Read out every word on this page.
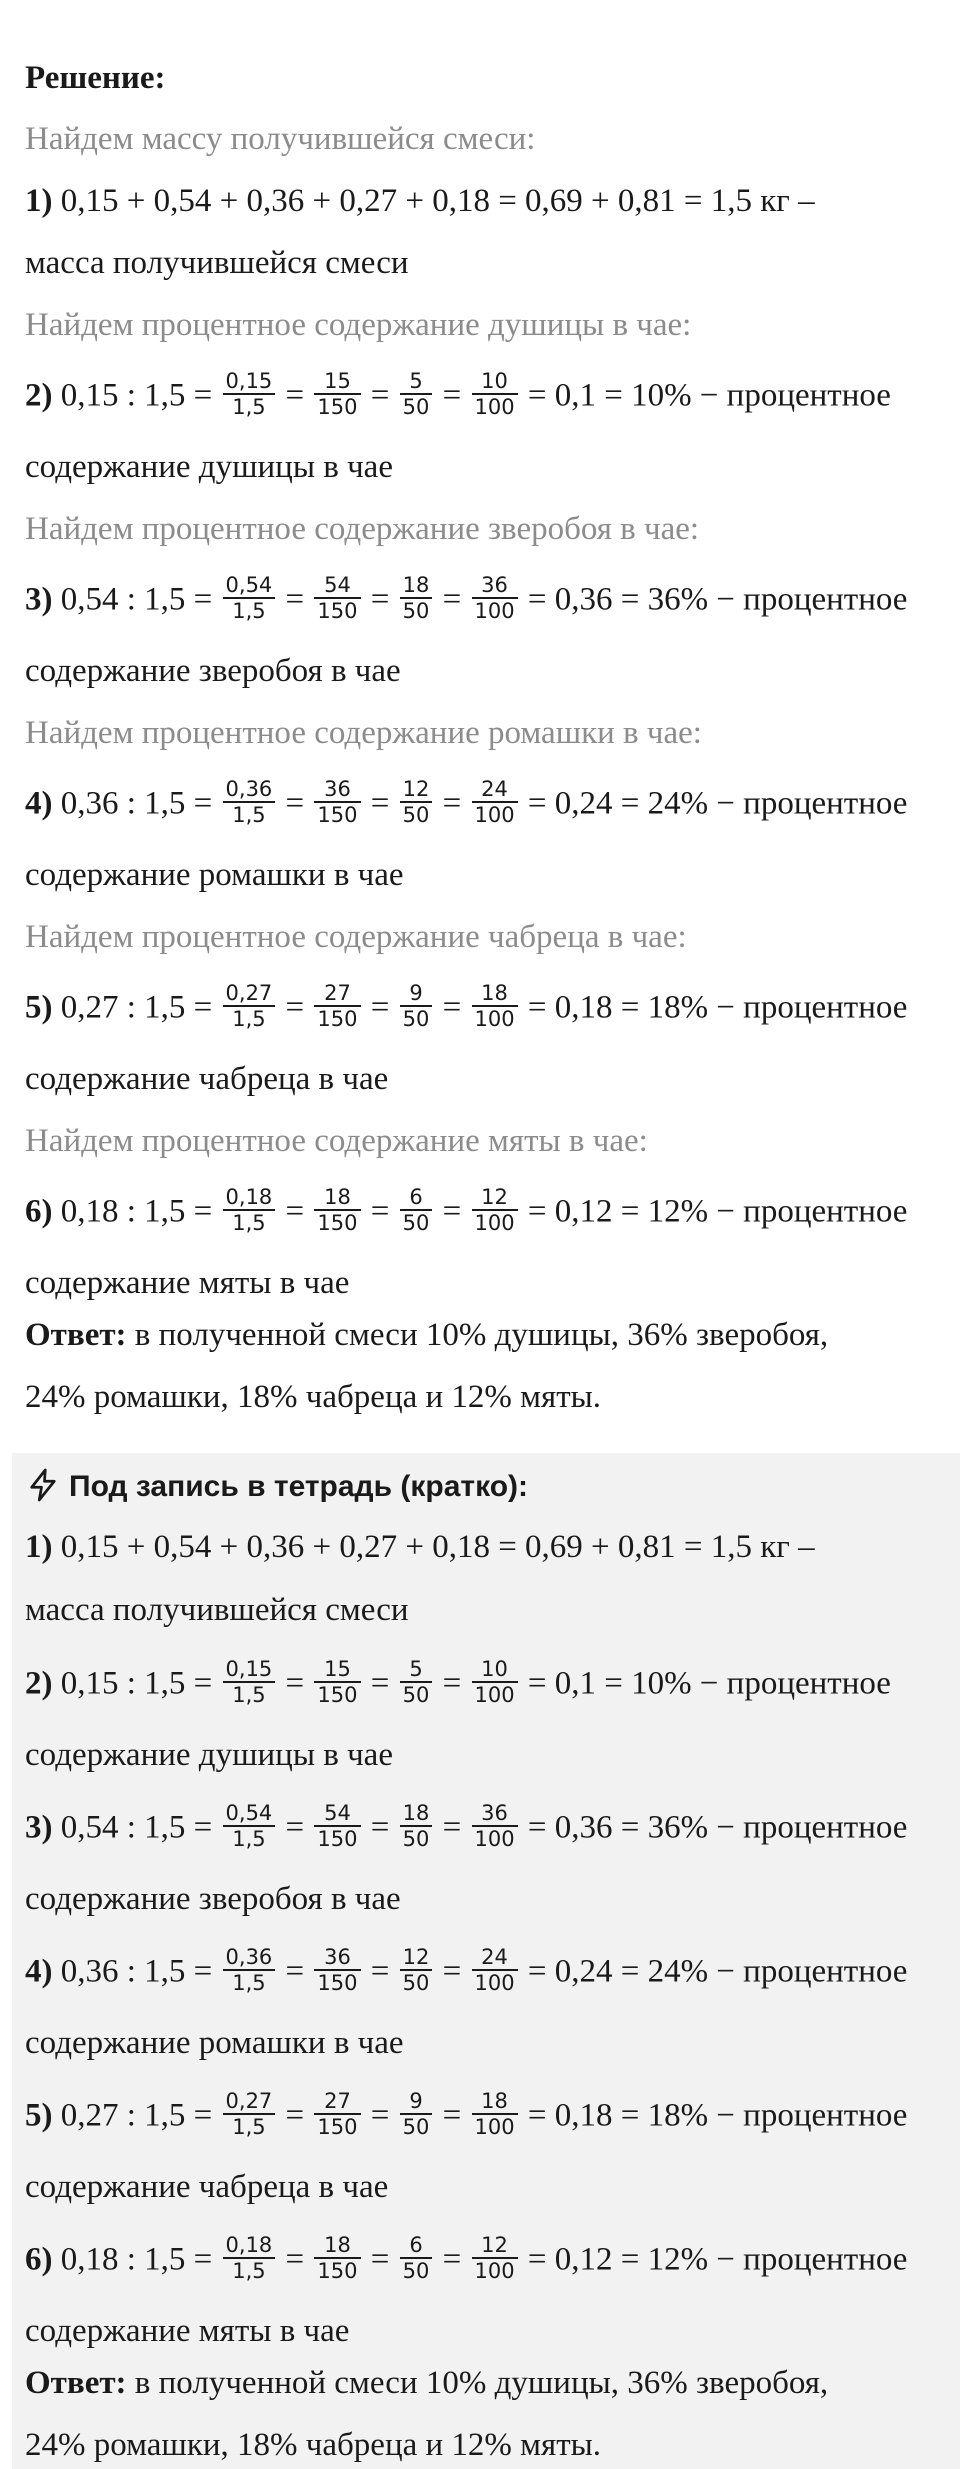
Решение:
Найдем массу получившейся смеси:
1) 0,15 + 0,54 + 0,36 + 0,27 + 0,18 = 0,69 + 0,81 = 1,5 кг –
масса получившейся смеси
Найдем процентное содержание душицы в чае:
2) 0,15 : $1,5 = \frac{0,15}{1,5} = \frac{15}{150} = \frac{5}{50} = \frac{10}{100} = 0,1 = 10\%$ − процентное
содержание душицы в чае
Найдем процентное содержание зверобоя в чае:
3) 0,54 : $1,5 = \frac{0,54}{1,5} = \frac{54}{150} = \frac{18}{50} = \frac{36}{100} = 0,36 = 36\%$ − процентное
содержание зверобоя в чае
Найдем процентное содержание ромашки в чае:
4) 0,36 : $1,5 = \frac{0,36}{1,5} = \frac{36}{150} = \frac{12}{50} = \frac{24}{100} = 0,24 = 24\%$ − процентное
содержание ромашки в чае
Найдем процентное содержание чабреца в чае:
5) 0,27 : $1,5 = \frac{0,27}{1,5} = \frac{27}{150} = \frac{9}{50} = \frac{18}{100} = 0,18 = 18\%$ − процентное
содержание чабреца в чае
Найдем процентное содержание мяты в чае:
6) 0,18 : $1,5 = \frac{0,18}{1,5} = \frac{18}{150} = \frac{6}{50} = \frac{12}{100} = 0,12 = 12\%$ − процентное
содержание мяты в чае
Ответ: в полученной смеси 10% душицы, 36% зверобоя,
24% ромашки, 18% чабреца и 12% мяты.
Под запись в тетрадь (кратко):
1) 0,15 + 0,54 + 0,36 + 0,27 + 0,18 = 0,69 + 0,81 = 1,5 кг –
масса получившейся смеси
2) 0,15 : $1,5 = \frac{0,15}{1,5} = \frac{15}{150} = \frac{5}{50} = \frac{10}{100} = 0,1 = 10\%$ − процентное
содержание душицы в чае
3) 0,54 : $1,5 = \frac{0,54}{1,5} = \frac{54}{150} = \frac{18}{50} = \frac{36}{100} = 0,36 = 36\%$ − процентное
содержание зверобоя в чае
4) 0,36 : $1,5 = \frac{0,36}{1,5} = \frac{36}{150} = \frac{12}{50} = \frac{24}{100} = 0,24 = 24\%$ − процентное
содержание ромашки в чае
5) 0,27 : $1,5 = \frac{0,27}{1,5} = \frac{27}{150} = \frac{9}{50} = \frac{18}{100} = 0,18 = 18\%$ − процентное
содержание чабреца в чае
6) 0,18 : $1,5 = \frac{0,18}{1,5} = \frac{18}{150} = \frac{6}{50} = \frac{12}{100} = 0,12 = 12\%$ − процентное
содержание мяты в чае
Ответ: в полученной смеси 10% душицы, 36% зверобоя,
24% ромашки, 18% чабреца и 12% мяты.
